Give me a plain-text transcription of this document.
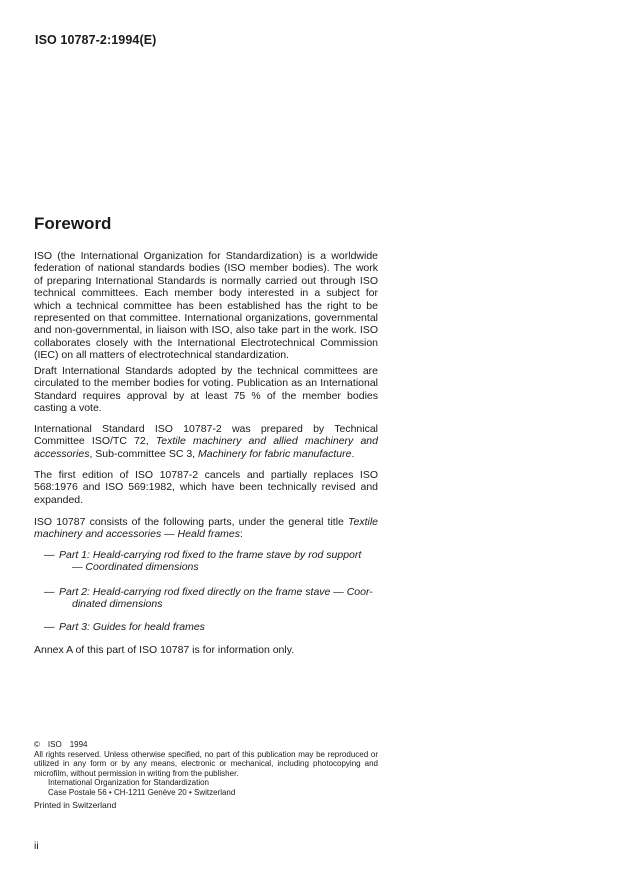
ISO 10787-2:1994(E)
Foreword

ISO (the International Organization for Standardization) is a worldwide federation of national standards bodies (ISO member bodies). The work of preparing International Standards is normally carried out through ISO technical committees. Each member body interested in a subject for which a technical committee has been established has the right to be represented on that committee. International organizations, governmental and non-governmental, in liaison with ISO, also take part in the work. ISO collaborates closely with the International Electrotechnical Commission (IEC) on all matters of electrotechnical standardization.

Draft International Standards adopted by the technical committees are circulated to the member bodies for voting. Publication as an International Standard requires approval by at least 75 % of the member bodies casting a vote.

International Standard ISO 10787-2 was prepared by Technical Committee ISO/TC 72, Textile machinery and allied machinery and accessories, Sub-committee SC 3, Machinery for fabric manufacture.

The first edition of ISO 10787-2 cancels and partially replaces ISO 568:1976 and ISO 569:1982, which have been technically revised and expanded.

ISO 10787 consists of the following parts, under the general title Textile machinery and accessories — Heald frames:

— Part 1: Heald-carrying rod fixed to the frame stave by rod support
— Coordinated dimensions
— Part 2: Heald-carrying rod fixed directly on the frame stave — Coor-
dinated dimensions
— Part 3: Guides for heald frames
Annex A of this part of ISO 10787 is for information only.
© ISO 1994
All rights reserved. Unless otherwise specified, no part of this publication may be reproduced or utilized in any form or by any means, electronic or mechanical, including photocopying and microfilm, without permission in writing from the publisher.
International Organization for Standardization
Case Postale 56 • CH-1211 Genève 20 • Switzerland
Printed in Switzerland
ii
